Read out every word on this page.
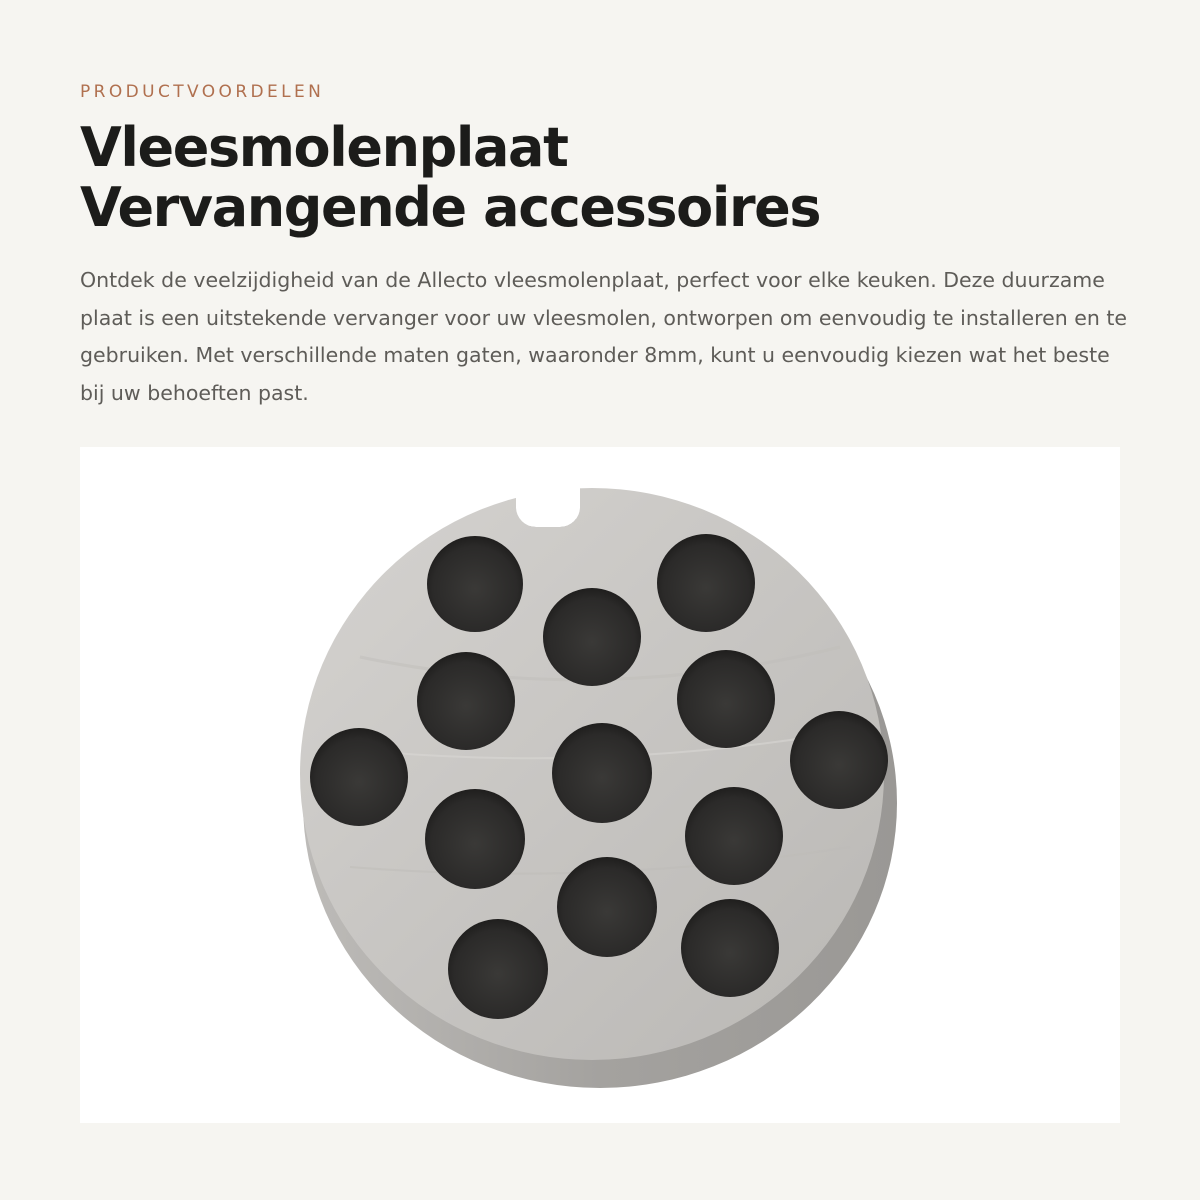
PRODUCTVOORDELEN
Vleesmolenplaat
Vervangende accessoires

Ontdek de veelzijdigheid van de Allecto vleesmolenplaat, perfect voor elke keuken. Deze duurzame plaat is een uitstekende vervanger voor uw vleesmolen, ontworpen om eenvoudig te installeren en te gebruiken. Met verschillende maten gaten, waaronder 8mm, kunt u eenvoudig kiezen wat het beste bij uw behoeften past.
